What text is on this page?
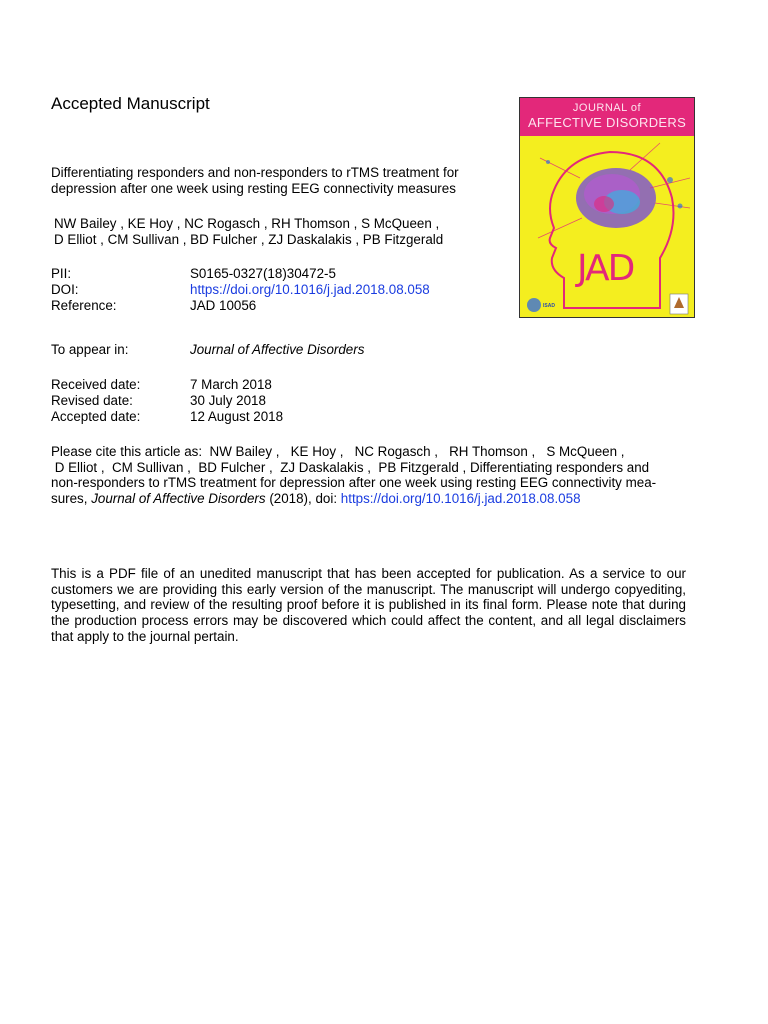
Accepted Manuscript
Differentiating responders and non-responders to rTMS treatment for
depression after one week using resting EEG connectivity measures
NW Bailey , KE Hoy , NC Rogasch , RH Thomson , S McQueen ,
D Elliot , CM Sullivan , BD Fulcher , ZJ Daskalakis , PB Fitzgerald
PII:	S0165-0327(18)30472-5
DOI:	https://doi.org/10.1016/j.jad.2018.08.058
Reference:	JAD 10056
To appear in:	Journal of Affective Disorders
Received date:	7 March 2018
Revised date:	30 July 2018
Accepted date:	12 August 2018
Please cite this article as:  NW Bailey ,   KE Hoy ,   NC Rogasch ,   RH Thomson ,   S McQueen ,
D Elliot ,  CM Sullivan ,  BD Fulcher ,  ZJ Daskalakis ,  PB Fitzgerald , Differentiating responders and
non-responders to rTMS treatment for depression after one week using resting EEG connectivity mea-
sures, Journal of Affective Disorders (2018), doi: https://doi.org/10.1016/j.jad.2018.08.058
This is a PDF file of an unedited manuscript that has been accepted for publication. As a service to our customers we are providing this early version of the manuscript. The manuscript will undergo copyediting, typesetting, and review of the resulting proof before it is published in its final form. Please note that during the production process errors may be discovered which could affect the content, and all legal disclaimers that apply to the journal pertain.
JOURNAL of
AFFECTIVE DISORDERS
JAD
ISAD
